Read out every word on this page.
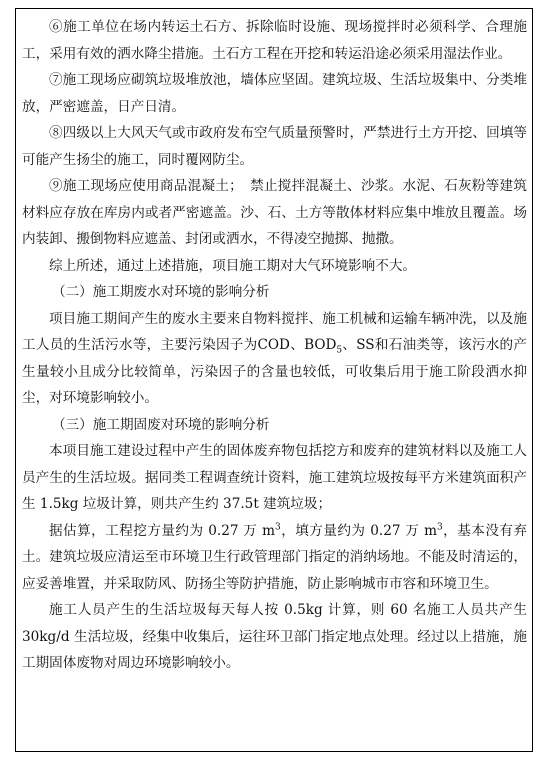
⑥施工单位在场内转运土石方、拆除临时设施、现场搅拌时必须科学、合理施工，采用有效的洒水降尘措施。土石方工程在开挖和转运沿途必须采用湿法作业。

⑦施工现场应砌筑垃圾堆放池，墙体应坚固。建筑垃圾、生活垃圾集中、分类堆放，严密遮盖，日产日清。

⑧四级以上大风天气或市政府发布空气质量预警时，严禁进行土方开挖、回填等可能产生扬尘的施工，同时覆网防尘。

⑨施工现场应使用商品混凝土；　禁止搅拌混凝土、沙浆。水泥、石灰粉等建筑材料应存放在库房内或者严密遮盖。沙、石、土方等散体材料应集中堆放且覆盖。场内装卸、搬倒物料应遮盖、封闭或洒水，不得凌空抛掷、抛撒。

综上所述，通过上述措施，项目施工期对大气环境影响不大。

（二）施工期废水对环境的影响分析

项目施工期间产生的废水主要来自物料搅拌、施工机械和运输车辆冲洗，以及施工人员的生活污水等，主要污染因子为COD、$BOD_5$、SS和石油类等，该污水的产生量较小且成分比较简单，污染因子的含量也较低，可收集后用于施工阶段洒水抑尘，对环境影响较小。

（三）施工期固废对环境的影响分析

本项目施工建设过程中产生的固体废弃物包括挖方和废弃的建筑材料以及施工人员产生的生活垃圾。据同类工程调查统计资料，施工建筑垃圾按每平方米建筑面积产生 1.5kg 垃圾计算，则共产生约 37.5t 建筑垃圾；

据估算，工程挖方量约为 0.27 万 $m^3$，填方量约为 0.27 万 $m^3$，基本没有弃土。建筑垃圾应清运至市环境卫生行政管理部门指定的消纳场地。不能及时清运的，应妥善堆置，并采取防风、防扬尘等防护措施，防止影响城市市容和环境卫生。

施工人员产生的生活垃圾每天每人按 0.5kg 计算，则 60 名施工人员共产生 30kg/d 生活垃圾，经集中收集后，运往环卫部门指定地点处理。经过以上措施，施工期固体废物对周边环境影响较小。
